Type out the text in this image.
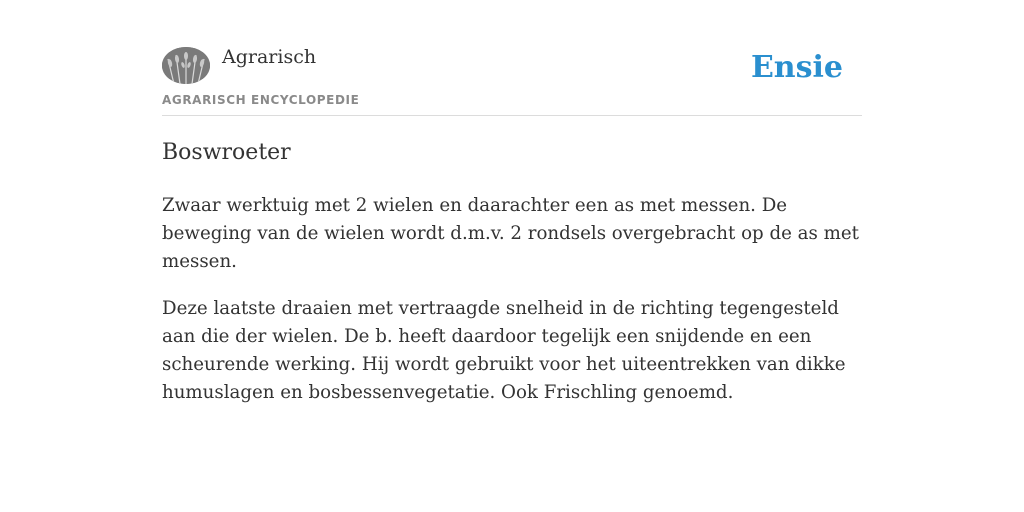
Agrarisch
AGRARISCH ENCYCLOPEDIE
Ensie
Boswroeter

Zwaar werktuig met 2 wielen en daarachter een as met messen. De beweging van de wielen wordt d.m.v. 2 rondsels overgebracht op de as met messen.

Deze laatste draaien met vertraagde snelheid in de richting tegengesteld aan die der wielen. De b. heeft daardoor tegelijk een snijdende en een scheurende werking. Hij wordt gebruikt voor het uiteentrekken van dikke humuslagen en bosbessenvegetatie. Ook Frischling genoemd.
